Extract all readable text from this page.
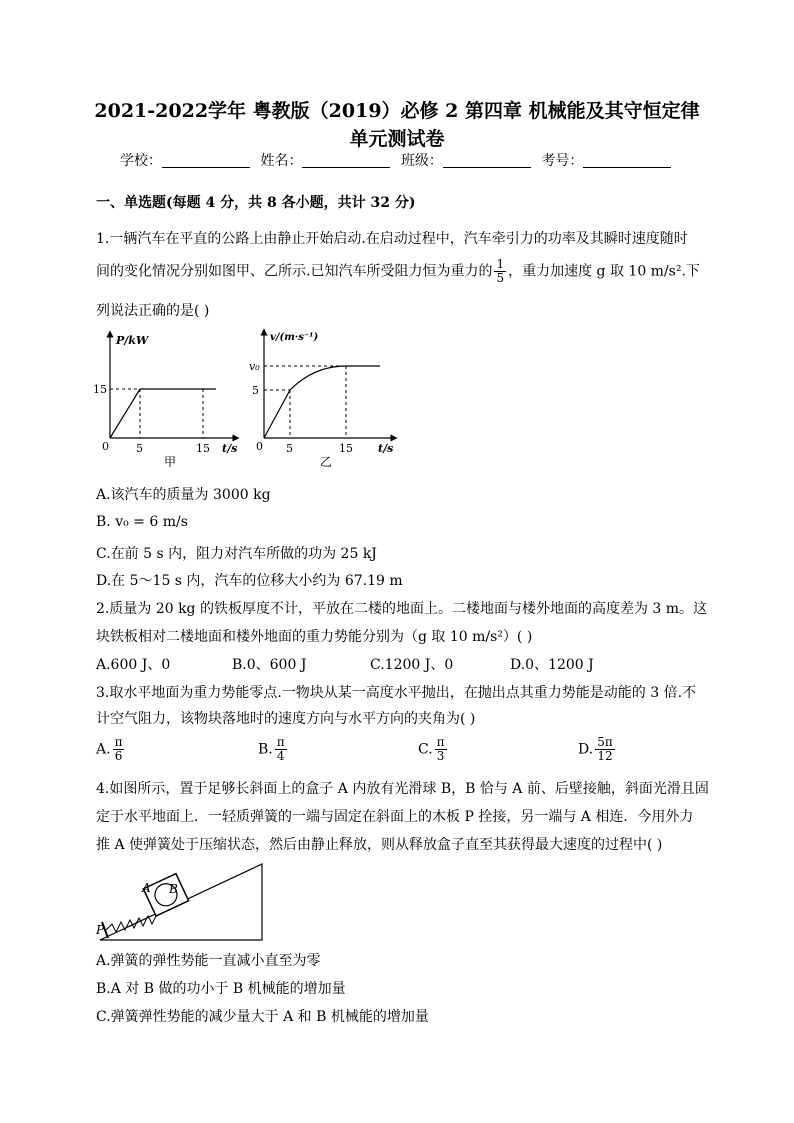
2021-2022学年 粤教版（2019）必修 2 第四章 机械能及其守恒定律
单元测试卷
学校：	姓名：	班级：	考号：
一、单选题(每题 4 分，共 8 各小题，共计 32 分)
1.一辆汽车在平直的公路上由静止开始启动.在启动过程中，汽车牵引力的功率及其瞬时速度随时
间的变化情况分别如图甲、乙所示.已知汽车所受阻力恒为重力的 $\frac{1}{5}$ ，重力加速度 g 取 10 m/s².下
列说法正确的是( )
P/kW
15
0 5	15 t/s
甲
v/(m·s⁻¹)
v₀
5
0 5	15 t/s
乙
A.该汽车的质量为 3000 kg
B. v₀ = 6 m/s
C.在前 5 s 内，阻力对汽车所做的功为 25 kJ
D.在 5～15 s 内，汽车的位移大小约为 67.19 m
2.质量为 20 kg 的铁板厚度不计，平放在二楼的地面上。二楼地面与楼外地面的高度差为 3 m。这
块铁板相对二楼地面和楼外地面的重力势能分别为（g 取 10 m/s²）( )
A.600 J、0	B.0、600 J	C.1200 J、0	D.0、1200 J
3.取水平地面为重力势能零点.一物块从某一高度水平抛出，在抛出点其重力势能是动能的 3 倍.不
计空气阻力，该物块落地时的速度方向与水平方向的夹角为( )
A. $\frac{\pi}{6}$	B. $\frac{\pi}{4}$	C. $\frac{\pi}{3}$	D. $\frac{5\pi}{12}$
4.如图所示，置于足够长斜面上的盒子 A 内放有光滑球 B，B 恰与 A 前、后壁接触，斜面光滑且固
定于水平地面上．一轻质弹簧的一端与固定在斜面上的木板 P 拴接，另一端与 A 相连．今用外力
推 A 使弹簧处于压缩状态，然后由静止释放，则从释放盒子直至其获得最大速度的过程中( )
P
A B
A.弹簧的弹性势能一直减小直至为零
B.A 对 B 做的功小于 B 机械能的增加量
C.弹簧弹性势能的减少量大于 A 和 B 机械能的增加量
